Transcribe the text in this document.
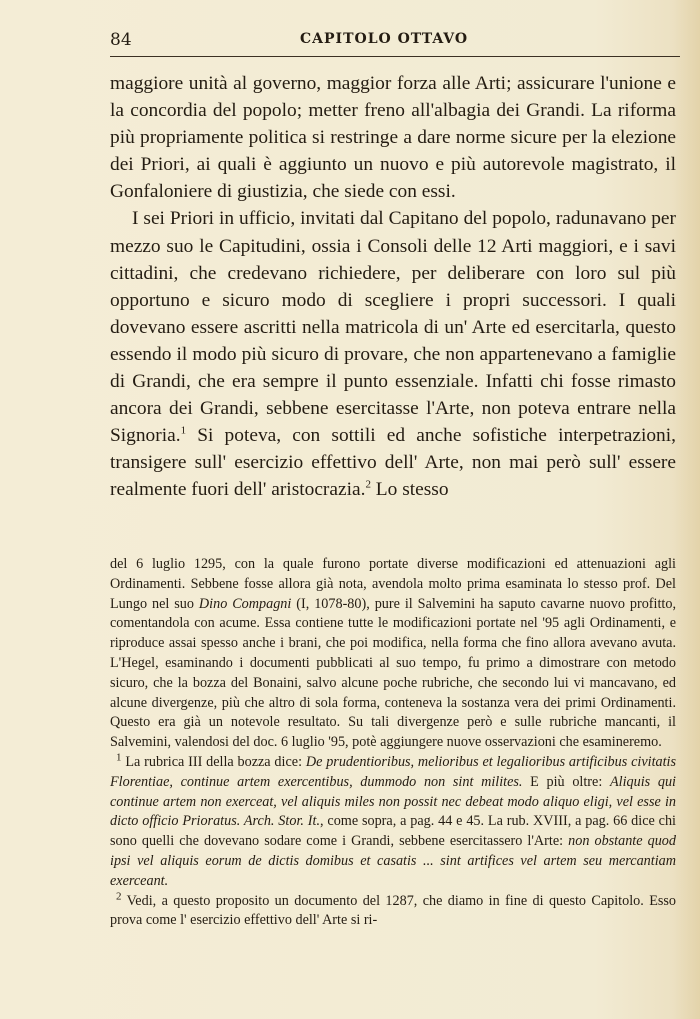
84	CAPITOLO OTTAVO

maggiore unità al governo, maggior forza alle Arti; assicurare l'unione e la concordia del popolo; metter freno all'albagia dei Grandi. La riforma più propriamente politica si restringe a dare norme sicure per la elezione dei Priori, ai quali è aggiunto un nuovo e più autorevole magistrato, il Gonfaloniere di giustizia, che siede con essi.

I sei Priori in ufficio, invitati dal Capitano del popolo, radunavano per mezzo suo le Capitudini, ossia i Consoli delle 12 Arti maggiori, e i savi cittadini, che credevano richiedere, per deliberare con loro sul più opportuno e sicuro modo di scegliere i propri successori. I quali dovevano essere ascritti nella matricola di un' Arte ed esercitarla, questo essendo il modo più sicuro di provare, che non appartenevano a famiglie di Grandi, che era sempre il punto essenziale. Infatti chi fosse rimasto ancora dei Grandi, sebbene esercitasse l'Arte, non poteva entrare nella Signoria.$^1$ Si poteva, con sottili ed anche sofistiche interpetrazioni, transigere sull' esercizio effettivo dell' Arte, non mai però sull' essere realmente fuori dell' aristocrazia.$^2$ Lo stesso

del 6 luglio 1295, con la quale furono portate diverse modificazioni ed attenuazioni agli Ordinamenti. Sebbene fosse allora già nota, avendola molto prima esaminata lo stesso prof. Del Lungo nel suo Dino Compagni (I, 1078-80), pure il Salvemini ha saputo cavarne nuovo profitto, comentandola con acume. Essa contiene tutte le modificazioni portate nel '95 agli Ordinamenti, e riproduce assai spesso anche i brani, che poi modifica, nella forma che fino allora avevano avuta. L'Hegel, esaminando i documenti pubblicati al suo tempo, fu primo a dimostrare con metodo sicuro, che la bozza del Bonaini, salvo alcune poche rubriche, che secondo lui vi mancavano, ed alcune divergenze, più che altro di sola forma, conteneva la sostanza vera dei primi Ordinamenti. Questo era già un notevole resultato. Su tali divergenze però e sulle rubriche mancanti, il Salvemini, valendosi del doc. 6 luglio '95, potè aggiungere nuove osservazioni che esamineremo.

$^1$ La rubrica III della bozza dice: De prudentioribus, melioribus et legalioribus artificibus civitatis Florentiae, continue artem exercentibus, dummodo non sint milites. E più oltre: Aliquis qui continue artem non exerceat, vel aliquis miles non possit nec debeat modo aliquo eligi, vel esse in dicto officio Prioratus. Arch. Stor. It., come sopra, a pag. 44 e 45. La rub. XVIII, a pag. 66 dice chi sono quelli che dovevano sodare come i Grandi, sebbene esercitassero l'Arte: non obstante quod ipsi vel aliquis eorum de dictis domibus et casatis ... sint artifices vel artem seu mercantiam exerceant.

$^2$ Vedi, a questo proposito un documento del 1287, che diamo in fine di questo Capitolo. Esso prova come l' esercizio effettivo dell' Arte si ri-
